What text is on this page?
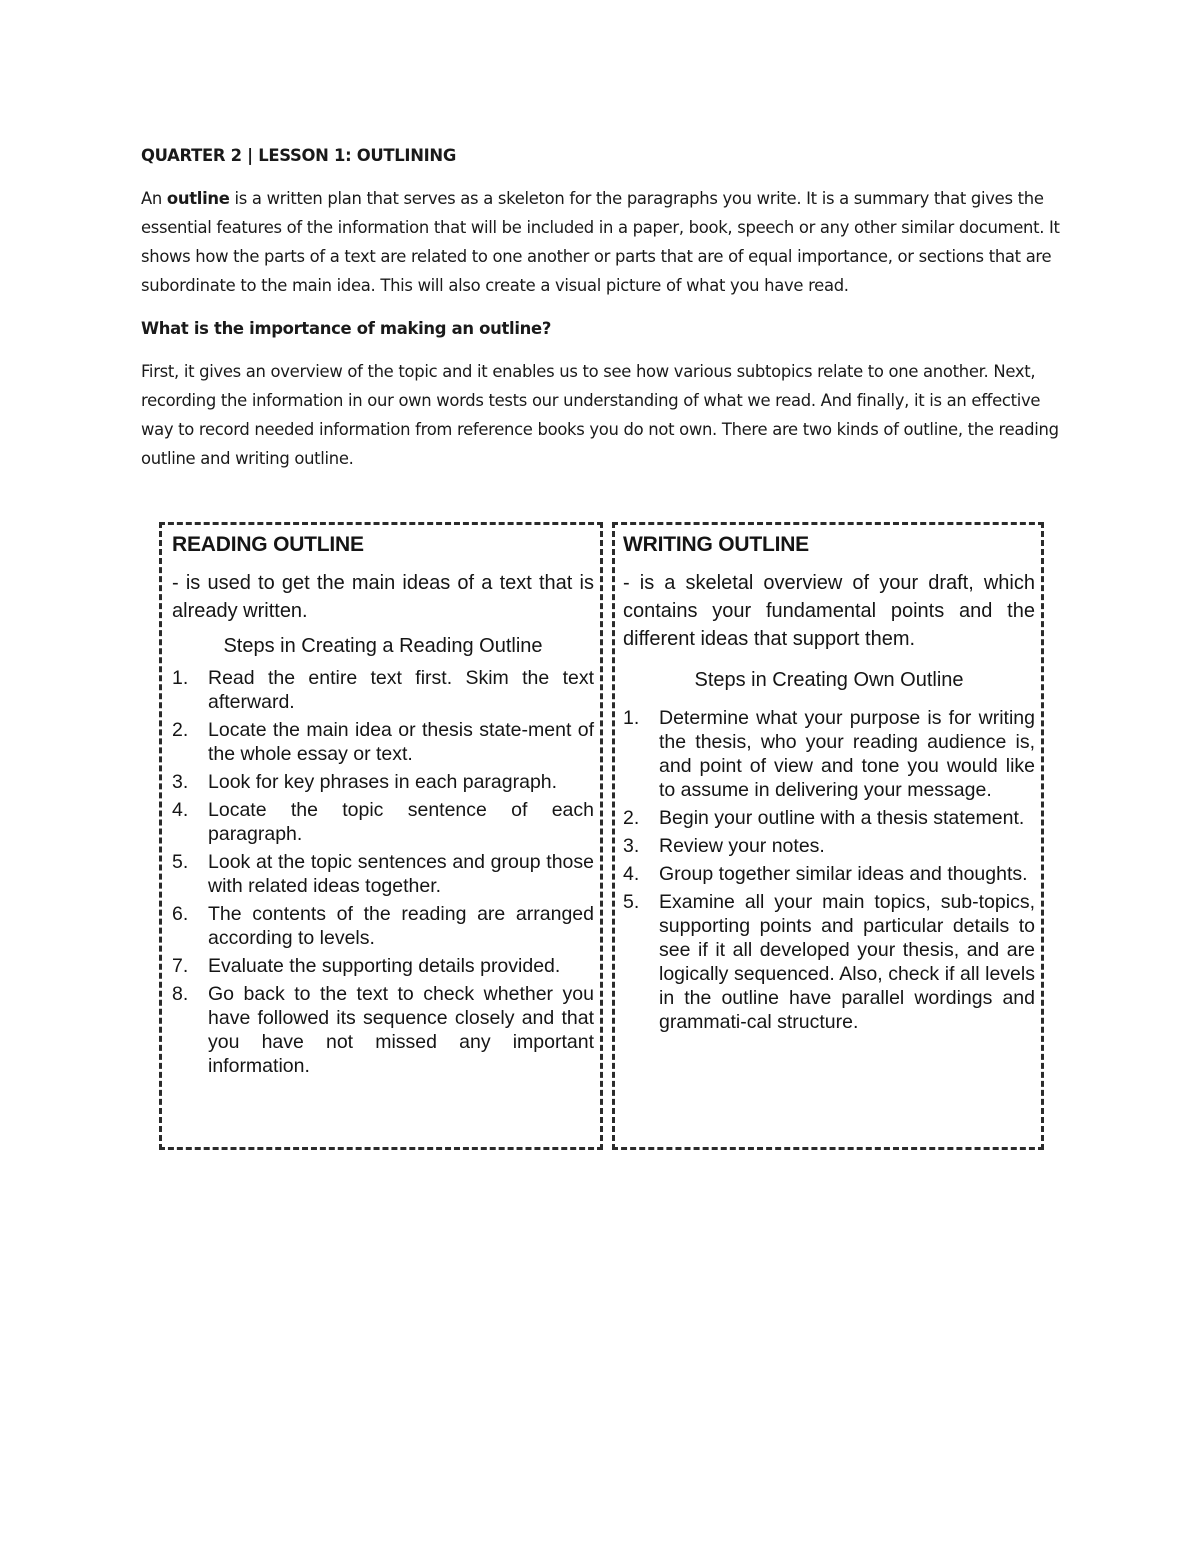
QUARTER 2 | LESSON 1: OUTLINING

An outline is a written plan that serves as a skeleton for the paragraphs you write. It is a summary that gives the essential features of the information that will be included in a paper, book, speech or any other similar document. It shows how the parts of a text are related to one another or parts that are of equal importance, or sections that are subordinate to the main idea. This will also create a visual picture of what you have read.

What is the importance of making an outline?

First, it gives an overview of the topic and it enables us to see how various subtopics relate to one another. Next, recording the information in our own words tests our understanding of what we read. And finally, it is an effective way to record needed information from reference books you do not own. There are two kinds of outline, the reading outline and writing outline.

READING OUTLINE

- is used to get the main ideas of a text that is already written.

Steps in Creating a Reading Outline
1.	Read the entire text first. Skim the text afterward.
2.	Locate the main idea or thesis state-ment of the whole essay or text.
3.	Look for key phrases in each paragraph.
4.	Locate the topic sentence of each paragraph.
5.	Look at the topic sentences and group those with related ideas together.
6.	The contents of the reading are arranged according to levels.
7.	Evaluate the supporting details provided.
8.	Go back to the text to check whether you have followed its sequence closely and that you have not missed any important information.
WRITING OUTLINE

- is a skeletal overview of your draft, which contains your fundamental points and the different ideas that support them.

Steps in Creating Own Outline
1.	Determine what your purpose is for writing the thesis, who your reading audience is, and point of view and tone you would like to assume in delivering your message.
2.	Begin your outline with a thesis statement.
3.	Review your notes.
4.	Group together similar ideas and thoughts.
5.	Examine all your main topics, sub-topics, supporting points and particular details to see if it all developed your thesis, and are logically sequenced. Also, check if all levels in the outline have parallel wordings and grammati-cal structure.
